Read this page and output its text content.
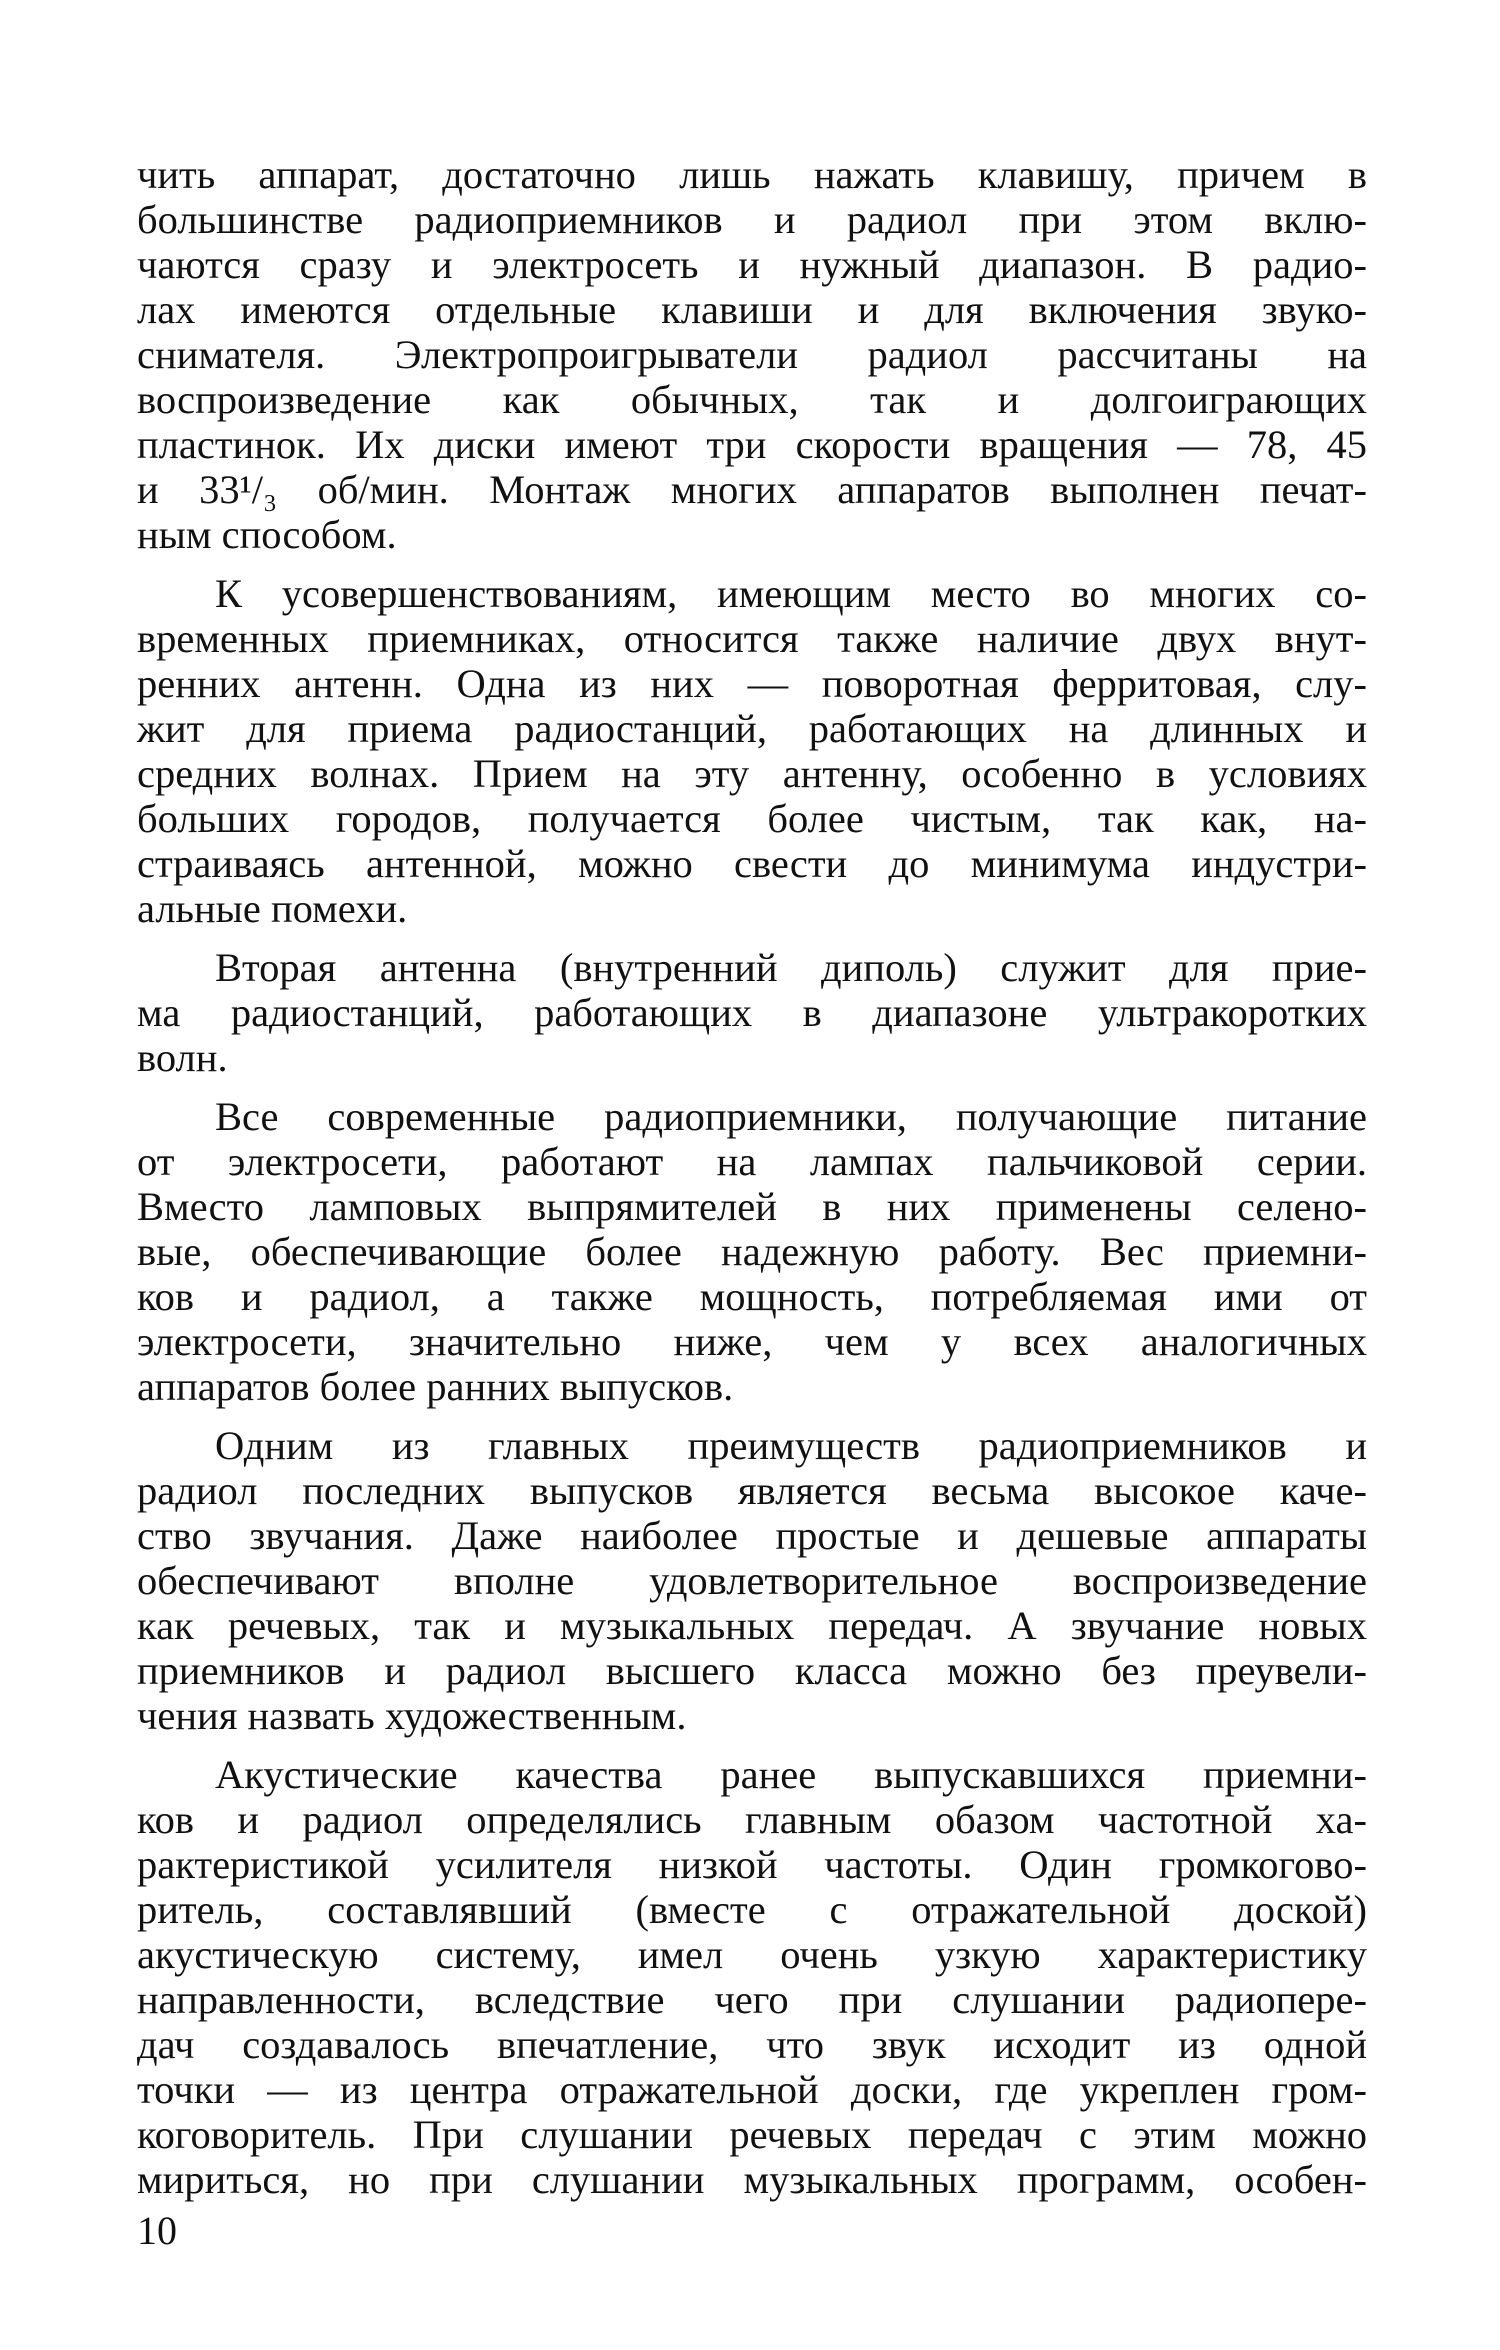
чить аппарат, достаточно лишь нажать клавишу, причем в
большинстве радиоприемников и радиол при этом вклю-
чаются сразу и электросеть и нужный диапазон. В радио-
лах имеются отдельные клавиши и для включения звуко-
снимателя. Электропроигрыватели радиол рассчитаны на
воспроизведение как обычных, так и долгоиграющих
пластинок. Их диски имеют три скорости вращения — 78, 45
и 33¹/₃ об/мин. Монтаж многих аппаратов выполнен печат-
ным способом.
К усовершенствованиям, имеющим место во многих со-
временных приемниках, относится также наличие двух внут-
ренних антенн. Одна из них — поворотная ферритовая, слу-
жит для приема радиостанций, работающих на длинных и
средних волнах. Прием на эту антенну, особенно в условиях
больших городов, получается более чистым, так как, на-
страиваясь антенной, можно свести до минимума индустри-
альные помехи.
Вторая антенна (внутренний диполь) служит для прие-
ма радиостанций, работающих в диапазоне ультракоротких
волн.
Все современные радиоприемники, получающие питание
от электросети, работают на лампах пальчиковой серии.
Вместо ламповых выпрямителей в них применены селено-
вые, обеспечивающие более надежную работу. Вес приемни-
ков и радиол, а также мощность, потребляемая ими от
электросети, значительно ниже, чем у всех аналогичных
аппаратов более ранних выпусков.
Одним из главных преимуществ радиоприемников и
радиол последних выпусков является весьма высокое каче-
ство звучания. Даже наиболее простые и дешевые аппараты
обеспечивают вполне удовлетворительное воспроизведение
как речевых, так и музыкальных передач. А звучание новых
приемников и радиол высшего класса можно без преувели-
чения назвать художественным.
Акустические качества ранее выпускавшихся приемни-
ков и радиол определялись главным обазом частотной ха-
рактеристикой усилителя низкой частоты. Один громкогово-
ритель, составлявший (вместе с отражательной доской)
акустическую систему, имел очень узкую характеристику
направленности, вследствие чего при слушании радиопере-
дач создавалось впечатление, что звук исходит из одной
точки — из центра отражательной доски, где укреплен гром-
коговоритель. При слушании речевых передач с этим можно
мириться, но при слушании музыкальных программ, особен-
10
